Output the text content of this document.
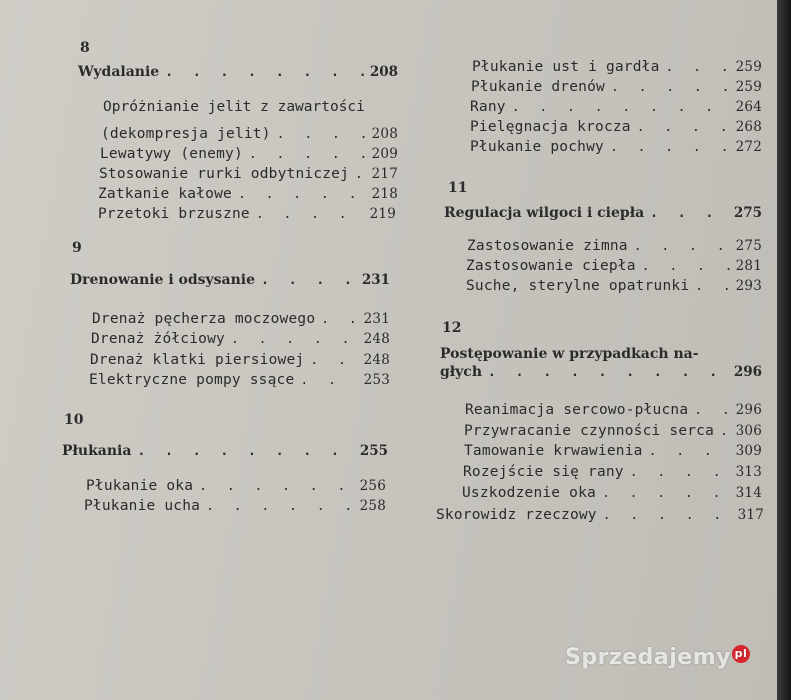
8
Wydalanie . . .	208
Opróżnianie jelit z zawartości
(dekompresja jelit) . . .	208
Lewatywy (enemy) . . .	209
Stosowanie rurki odbytniczej . . . 217
Zatkanie kałowe . . .	218
Przetoki brzuszne . . .	219
9
Drenowanie i odsysanie . . .	231
Drenaż pęcherza moczowego . . .	231
Drenaż żółciowy . . .	248
Drenaż klatki piersiowej . . .	248
Elektryczne pompy ssące . . .	253
10
Płukania . . .	255
Płukanie oka . . .	256
Płukanie ucha . . .	258
Płukanie ust i gardła . . .	259
Płukanie drenów . . .	259
Rany . . .	264
Pielęgnacja krocza . . .	268
Płukanie pochwy . . .	272
11
Regulacja wilgoci i ciepła . . .	275
Zastosowanie zimna . . .	275
Zastosowanie ciepła . . .	281
Suche, sterylne opatrunki . . .	293
12
Postępowanie w przypadkach na-
głych . . .	296
Reanimacja sercowo-płucna . . .	296
Przywracanie czynności serca . . . 306
Tamowanie krwawienia . . .	309
Rozejście się rany . . .	313
Uszkodzenie oka . . .	314
Skorowidz rzeczowy . . .	317
Sprzedajemy pl
